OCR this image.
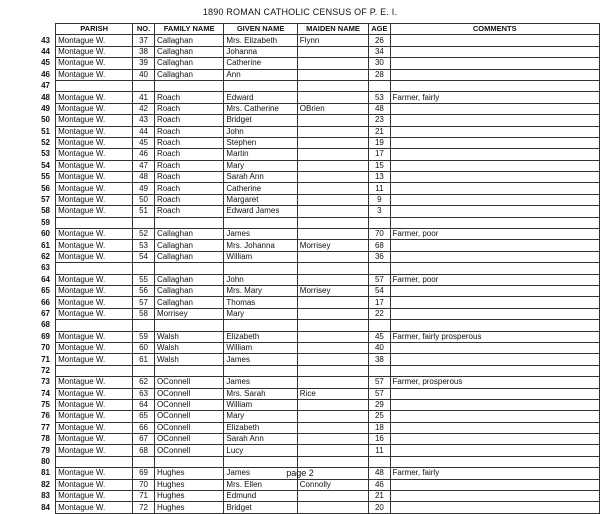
1890 ROMAN CATHOLIC CENSUS OF P. E. I.
	PARISH	NO.	FAMILY NAME	GIVEN NAME	MAIDEN NAME	AGE	COMMENTS
43	Montague W.	37	Callaghan	Mrs. Elizabeth	Flynn	26	
44	Montague W.	38	Callaghan	Johanna		34	
45	Montague W.	39	Callaghan	Catherine		30	
46	Montague W.	40	Callaghan	Ann		28	
47							
48	Montague W.	41	Roach	Edward		53	Farmer, fairly
49	Montague W.	42	Roach	Mrs. Catherine	OBrien	48	
50	Montague W.	43	Roach	Bridget		23	
51	Montague W.	44	Roach	John		21	
52	Montague W.	45	Roach	Stephen		19	
53	Montague W.	46	Roach	Martin		17	
54	Montague W.	47	Roach	Mary		15	
55	Montague W.	48	Roach	Sarah Ann		13	
56	Montague W.	49	Roach	Catherine		11	
57	Montague W.	50	Roach	Margaret		9	
58	Montague W.	51	Roach	Edward James		3	
59							
60	Montague W.	52	Callaghan	James		70	Farmer, poor
61	Montague W.	53	Callaghan	Mrs. Johanna	Morrisey	68	
62	Montague W.	54	Callaghan	William		36	
63							
64	Montague W.	55	Callaghan	John		57	Farmer, poor
65	Montague W.	56	Callaghan	Mrs. Mary	Morrisey	54	
66	Montague W.	57	Callaghan	Thomas		17	
67	Montague W.	58	Morrisey	Mary		22	
68							
69	Montague W.	59	Walsh	Elizabeth		45	Farmer, fairly prosperous
70	Montague W.	60	Walsh	William		40	
71	Montague W.	61	Walsh	James		38	
72							
73	Montague W.	62	OConnell	James		57	Farmer, prosperous
74	Montague W.	63	OConnell	Mrs. Sarah	Rice	57	
75	Montague W.	64	OConnell	William		29	
76	Montague W.	65	OConnell	Mary		25	
77	Montague W.	66	OConnell	Elizabeth		18	
78	Montague W.	67	OConnell	Sarah Ann		16	
79	Montague W.	68	OConnell	Lucy		11	
80							
81	Montague W.	69	Hughes	James		48	Farmer, fairly
82	Montague W.	70	Hughes	Mrs. Ellen	Connolly	46	
83	Montague W.	71	Hughes	Edmund		21	
84	Montague W.	72	Hughes	Bridget		20	
page 2
